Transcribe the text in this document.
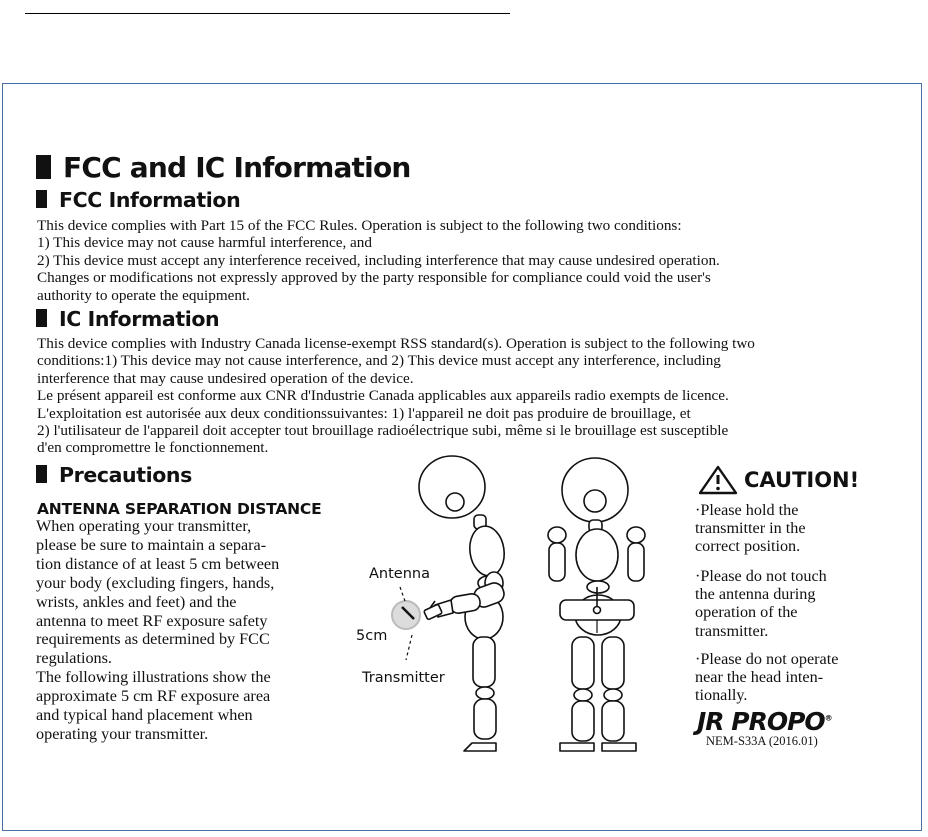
FCC and IC Information
FCC Information
This device complies with Part 15 of the FCC Rules. Operation is subject to the following two conditions:
1) This device may not cause harmful interference, and
2) This device must accept any interference received, including interference that may cause undesired operation.
Changes or modifications not expressly approved by the party responsible for compliance could void the user's
authority to operate the equipment.
IC Information
This device complies with Industry Canada license-exempt RSS standard(s). Operation is subject to the following two
conditions:1) This device may not cause interference, and 2) This device must accept any interference, including
interference that may cause undesired operation of the device.
Le présent appareil est conforme aux CNR d'Industrie Canada applicables aux appareils radio exempts de licence.
L'exploitation est autorisée aux deux conditionssuivantes: 1) l'appareil ne doit pas produire de brouillage, et
2) l'utilisateur de l'appareil doit accepter tout brouillage radioélectrique subi, même si le brouillage est susceptible
d'en compromettre le fonctionnement.
Precautions
ANTENNA SEPARATION DISTANCE
When operating your transmitter,
please be sure to maintain a separa-
tion distance of at least 5 cm between
your body (excluding fingers, hands,
wrists, ankles and feet) and the
antenna to meet RF exposure safety
requirements as determined by FCC
regulations.
The following illustrations show the
approximate 5 cm RF exposure area
and typical hand placement when
operating your transmitter.
Antenna
5cm
Transmitter
CAUTION!
·Please hold the
transmitter in the
correct position.
·Please do not touch
the antenna during
operation of the
transmitter.
·Please do not operate
near the head inten-
tionally.
JR PROPO®
NEM-S33A (2016.01)
